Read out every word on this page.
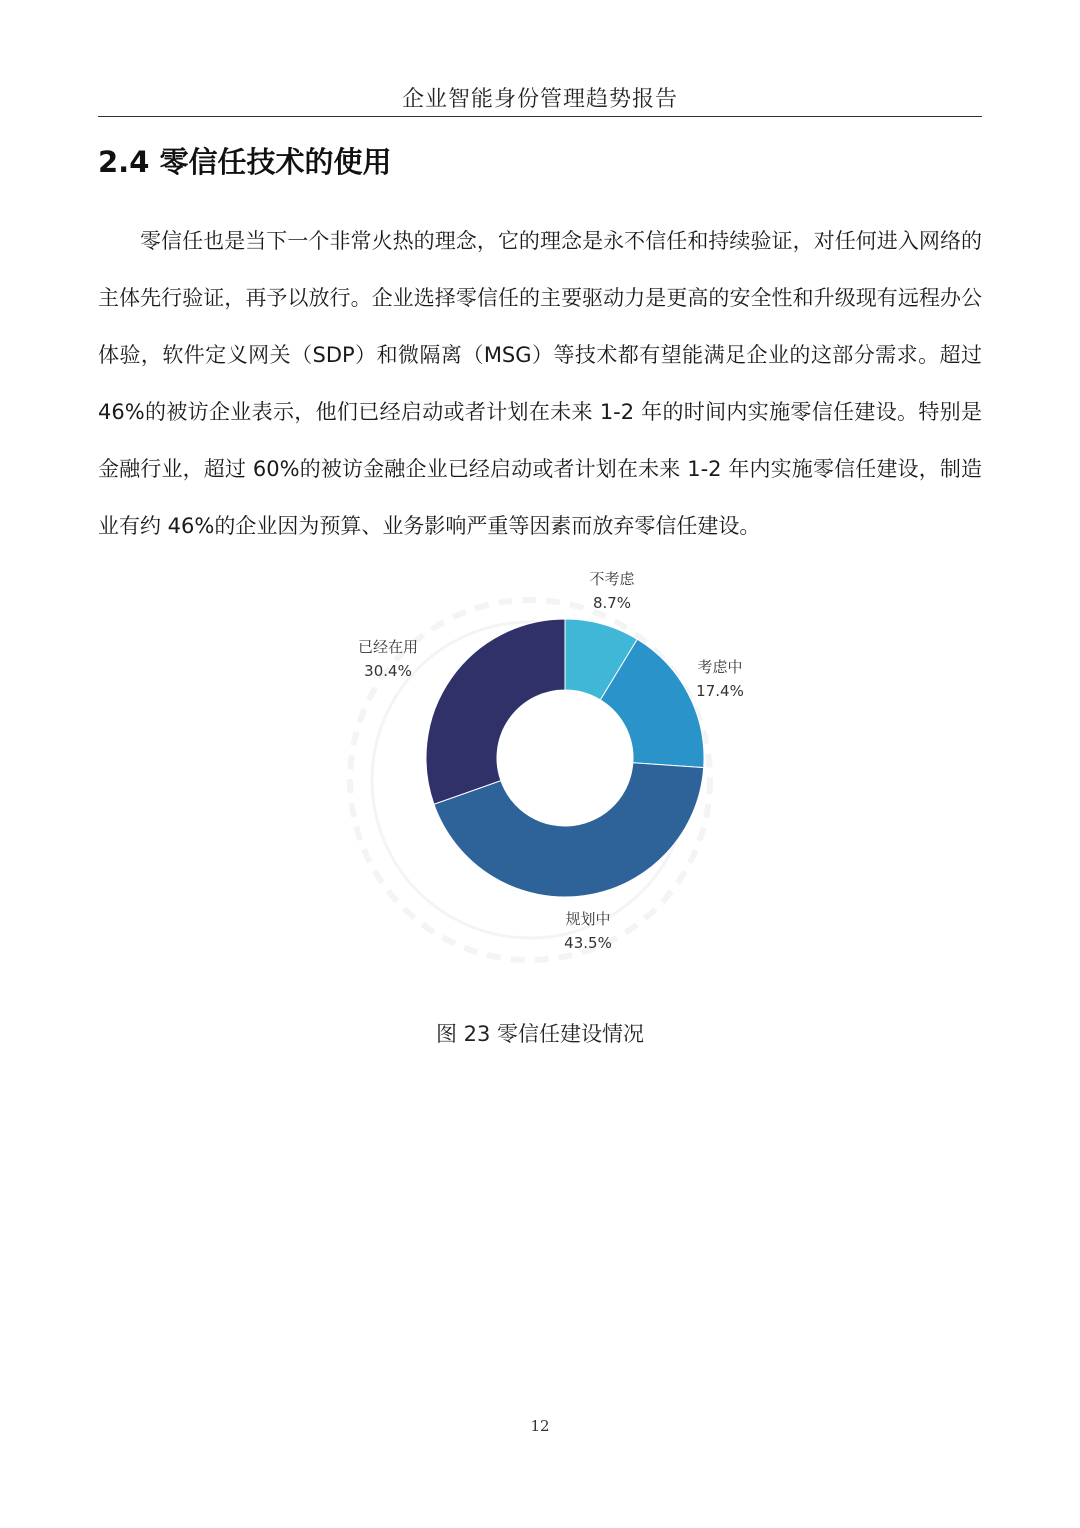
企业智能身份管理趋势报告
2.4 零信任技术的使用

零信任也是当下一个非常火热的理念，它的理念是永不信任和持续验证，对任何进入网络的主体先行验证，再予以放行。企业选择零信任的主要驱动力是更高的安全性和升级现有远程办公体验，软件定义网关（SDP）和微隔离（MSG）等技术都有望能满足企业的这部分需求。超过 46%的被访企业表示，他们已经启动或者计划在未来 1-2 年的时间内实施零信任建设。特别是金融行业，超过 60%的被访金融企业已经启动或者计划在未来 1-2 年内实施零信任建设，制造业有约 46%的企业因为预算、业务影响严重等因素而放弃零信任建设。

不考虑
8.7%
考虑中
17.4%
规划中
43.5%
已经在用
30.4%
图 23 零信任建设情况
12
